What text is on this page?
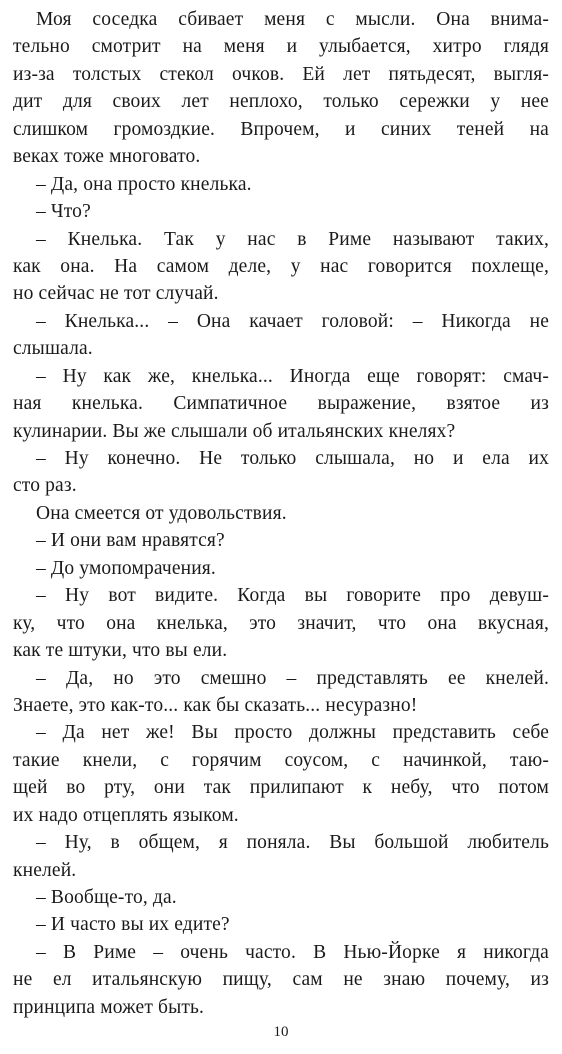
Моя соседка сбивает меня с мысли. Она внима-
тельно смотрит на меня и улыбается, хитро глядя
из-за толстых стекол очков. Ей лет пятьдесят, выгля-
дит для своих лет неплохо, только сережки у нее
слишком громоздкие. Впрочем, и синих теней на
веках тоже многовато.
– Да, она просто кнелька.
– Что?
– Кнелька. Так у нас в Риме называют таких,
как она. На самом деле, у нас говорится похлеще,
но сейчас не тот случай.
– Кнелька... – Она качает головой: – Никогда не
слышала.
– Ну как же, кнелька... Иногда еще говорят: смач-
ная кнелька. Симпатичное выражение, взятое из
кулинарии. Вы же слышали об итальянских кнелях?
– Ну конечно. Не только слышала, но и ела их
сто раз.
Она смеется от удовольствия.
– И они вам нравятся?
– До умопомрачения.
– Ну вот видите. Когда вы говорите про девуш-
ку, что она кнелька, это значит, что она вкусная,
как те штуки, что вы ели.
– Да, но это смешно – представлять ее кнелей.
Знаете, это как-то... как бы сказать... несуразно!
– Да нет же! Вы просто должны представить себе
такие кнели, с горячим соусом, с начинкой, таю-
щей во рту, они так прилипают к небу, что потом
их надо отцеплять языком.
– Ну, в общем, я поняла. Вы большой любитель
кнелей.
– Вообще-то, да.
– И часто вы их едите?
– В Риме – очень часто. В Нью-Йорке я никогда
не ел итальянскую пищу, сам не знаю почему, из
принципа может быть.
10
